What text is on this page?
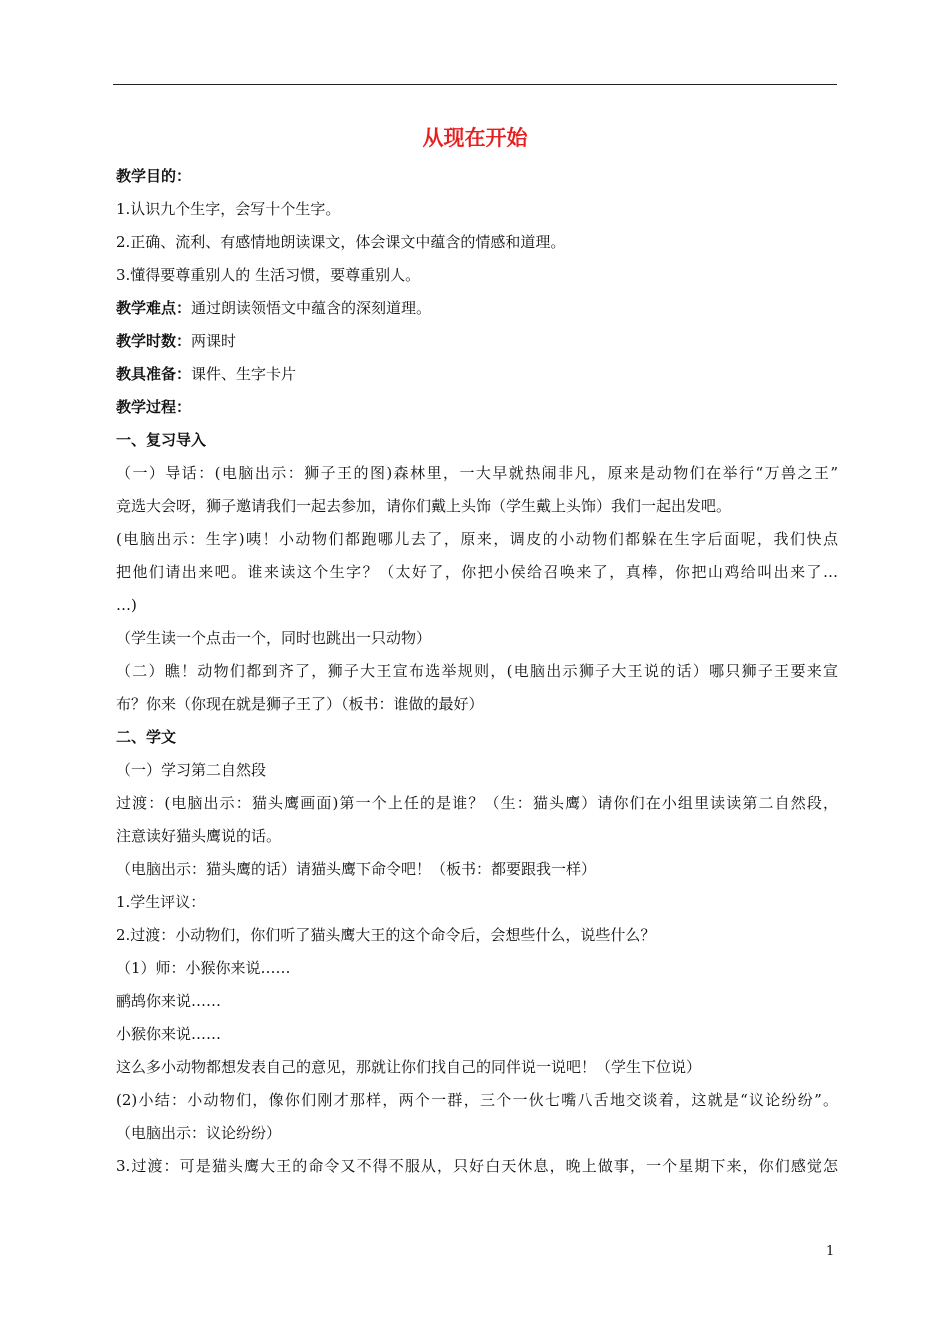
从现在开始
教学目的：
1.认识九个生字，会写十个生字。
2.正确、流利、有感情地朗读课文，体会课文中蕴含的情感和道理。
3.懂得要尊重别人的 生活习惯，要尊重别人。
教学难点：通过朗读领悟文中蕴含的深刻道理。
教学时数：两课时
教具准备：课件、生字卡片
教学过程：
一、复习导入
（一）导话：(电脑出示：狮子王的图)森林里，一大早就热闹非凡，原来是动物们在举行“万兽之王”
竞选大会呀，狮子邀请我们一起去参加，请你们戴上头饰（学生戴上头饰）我们一起出发吧。
(电脑出示：生字)咦！小动物们都跑哪儿去了，原来，调皮的小动物们都躲在生字后面呢，我们快点
把他们请出来吧。谁来读这个生字？（太好了，你把小侯给召唤来了，真棒，你把山鸡给叫出来了…
…)
（学生读一个点击一个，同时也跳出一只动物）
（二）瞧！动物们都到齐了，狮子大王宣布选举规则，(电脑出示狮子大王说的话）哪只狮子王要来宣
布？你来（你现在就是狮子王了）（板书：谁做的最好）
二、学文
（一）学习第二自然段
过渡：(电脑出示：猫头鹰画面)第一个上任的是谁？（生：猫头鹰）请你们在小组里读读第二自然段，
注意读好猫头鹰说的话。
（电脑出示：猫头鹰的话）请猫头鹰下命令吧！（板书：都要跟我一样）
1.学生评议：
2.过渡：小动物们，你们听了猫头鹰大王的这个命令后，会想些什么，说些什么？
（1）师：小猴你来说……
鹂鸪你来说……
小猴你来说……
这么多小动物都想发表自己的意见，那就让你们找自己的同伴说一说吧！（学生下位说）
(2)小结：小动物们，像你们刚才那样，两个一群，三个一伙七嘴八舌地交谈着，这就是“议论纷纷”。
（电脑出示：议论纷纷）
3.过渡：可是猫头鹰大王的命令又不得不服从，只好白天休息，晚上做事，一个星期下来，你们感觉怎
1
